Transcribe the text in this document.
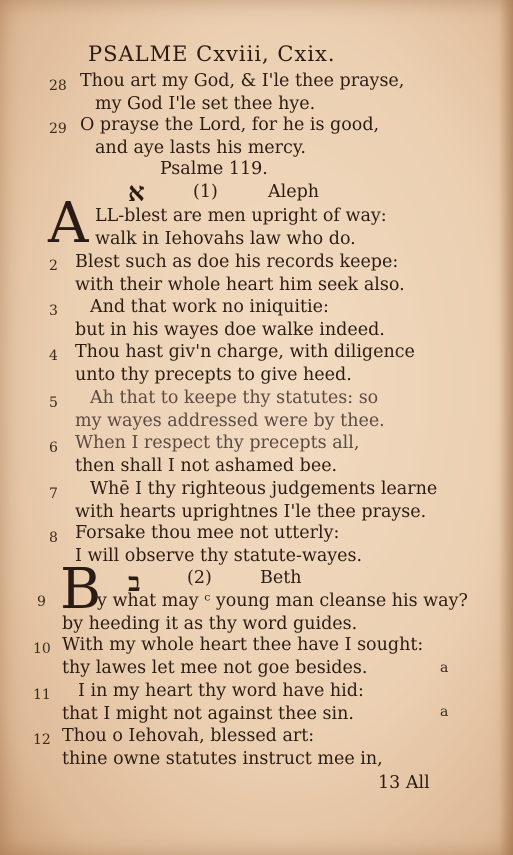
PSALME Cxviii, Cxix.
28 Thou art my God, & I'le thee prayse,
my God I'le set thee hye.
29 O prayse the Lord, for he is good,
and aye lasts his mercy.
Psalme 119.
א	(1)	Aleph
A LL-blest are men upright of way:
walk in Iehovahs law who do.
2 Blest such as doe his records keepe:
with their whole heart him seek also.
3 And that work no iniquitie:
but in his wayes doe walke indeed.
4 Thou hast giv'n charge, with diligence
unto thy precepts to give heed.
5 Ah that to keepe thy statutes: so
my wayes addressed were by thee.
6 When I respect thy precepts all,
then shall I not ashamed bee.
7 Whē I thy righteous judgements learne
with hearts uprightnes I'le thee prayse.
8 Forsake thou mee not utterly:
I will observe thy statute-wayes.
ב	(2)	Beth
9 B
y what may ᶜ young man cleanse his way?
by heeding it as thy word guides.
10 With my whole heart thee have I sought:
thy lawes let mee not goe besides.
11 I in my heart thy word have hid:
that I might not against thee sin.
12 Thou o Iehovah, blessed art:
thine owne statutes instruct mee in,
a
a
13 All
